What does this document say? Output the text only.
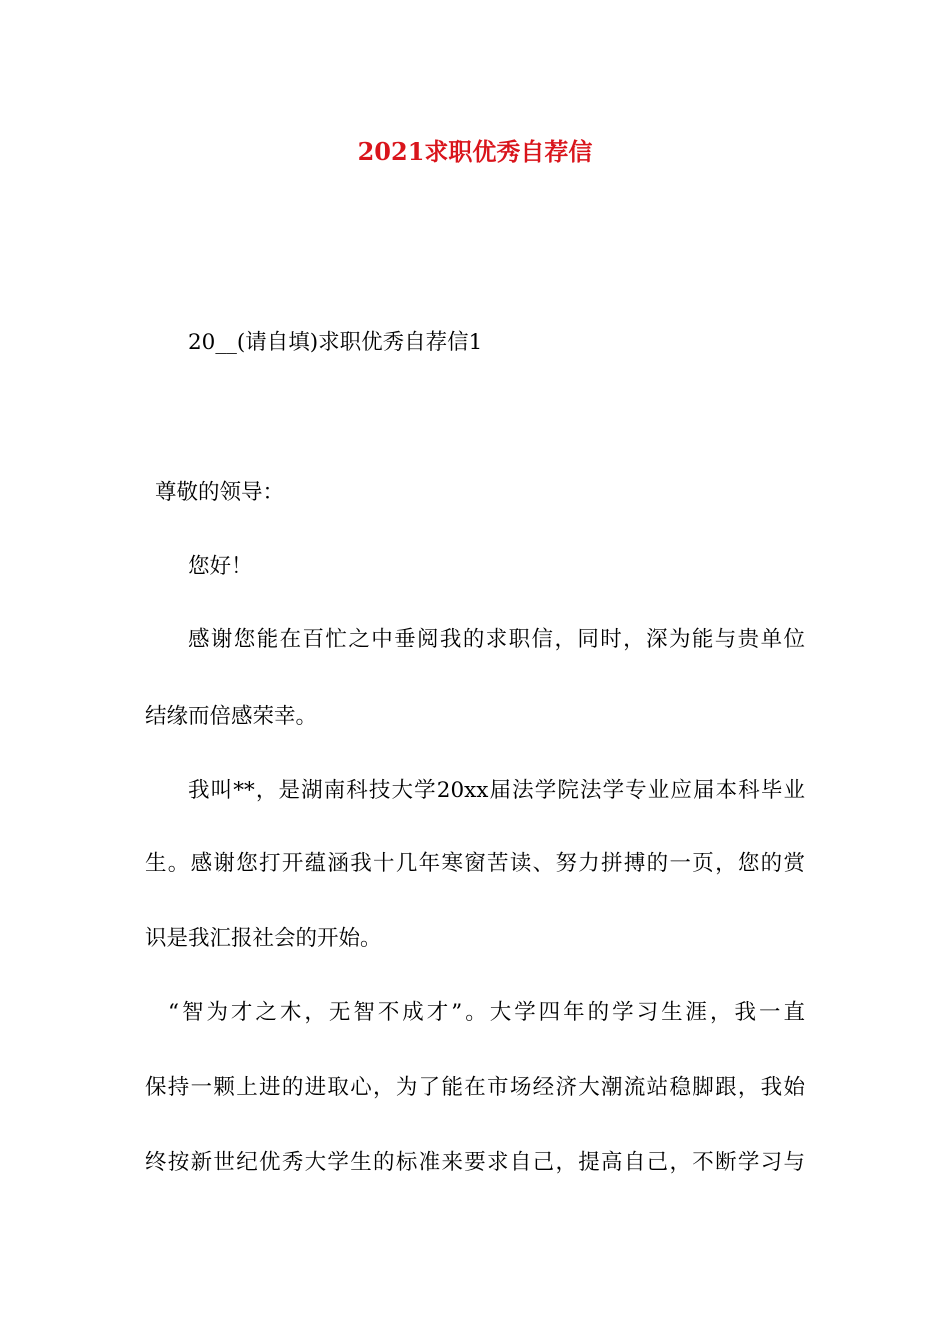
2021求职优秀自荐信
20__(请自填)求职优秀自荐信1
尊敬的领导：
您好！
感谢您能在百忙之中垂阅我的求职信，同时，深为能与贵单位
结缘而倍感荣幸。
我叫**，是湖南科技大学20xx届法学院法学专业应届本科毕业
生。感谢您打开蕴涵我十几年寒窗苦读、努力拼搏的一页，您的赏
识是我汇报社会的开始。
“智为才之木，无智不成才”。大学四年的学习生涯，我一直
保持一颗上进的进取心，为了能在市场经济大潮流站稳脚跟，我始
终按新世纪优秀大学生的标准来要求自己，提高自己，不断学习与
